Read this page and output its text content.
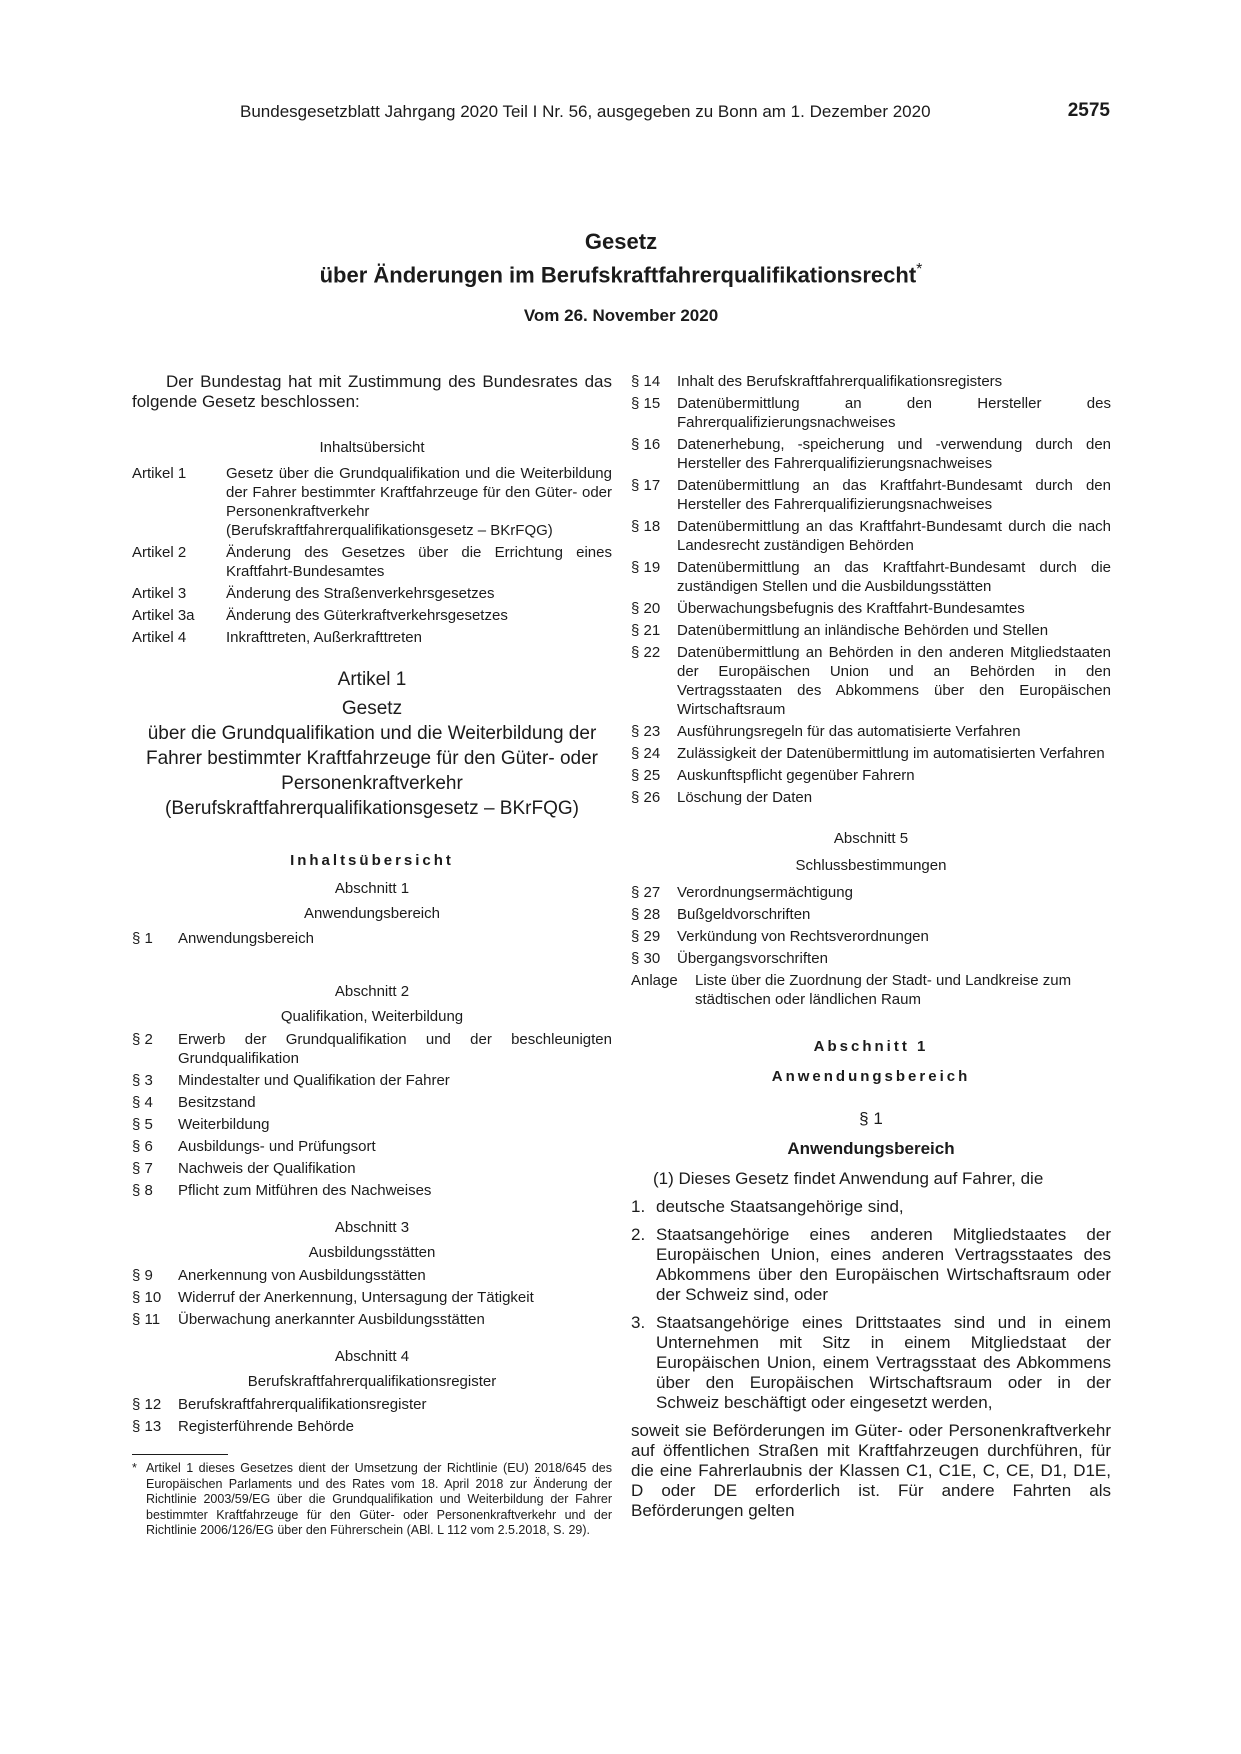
Bundesgesetzblatt Jahrgang 2020 Teil I Nr. 56, ausgegeben zu Bonn am 1. Dezember 2020	2575
Gesetz
über Änderungen im Berufskraftfahrerqualifikationsrecht*
Vom 26. November 2020

Der Bundestag hat mit Zustimmung des Bundesrates das folgende Gesetz beschlossen:

Inhaltsübersicht
Artikel 1	Gesetz über die Grundqualifikation und die Weiterbildung der Fahrer bestimmter Kraftfahrzeuge für den Güter- oder Personenkraftverkehr (Berufskraftfahrerqualifikationsgesetz – BKrFQG)
Artikel 2	Änderung des Gesetzes über die Errichtung eines Kraftfahrt-Bundesamtes
Artikel 3	Änderung des Straßenverkehrsgesetzes
Artikel 3a	Änderung des Güterkraftverkehrsgesetzes
Artikel 4	Inkrafttreten, Außerkrafttreten
Artikel 1
Gesetz
über die Grundqualifikation und die Weiterbildung der Fahrer bestimmter Kraftfahrzeuge für den Güter- oder Personenkraftverkehr (Berufskraftfahrerqualifikationsgesetz – BKrFQG)
Inhaltsübersicht
Abschnitt 1
Anwendungsbereich
§ 1	Anwendungsbereich
Abschnitt 2
Qualifikation, Weiterbildung
§ 2	Erwerb der Grundqualifikation und der beschleunigten Grundqualifikation
§ 3	Mindestalter und Qualifikation der Fahrer
§ 4	Besitzstand
§ 5	Weiterbildung
§ 6	Ausbildungs- und Prüfungsort
§ 7	Nachweis der Qualifikation
§ 8	Pflicht zum Mitführen des Nachweises
Abschnitt 3
Ausbildungsstätten
§ 9	Anerkennung von Ausbildungsstätten
§ 10	Widerruf der Anerkennung, Untersagung der Tätigkeit
§ 11	Überwachung anerkannter Ausbildungsstätten
Abschnitt 4
Berufskraftfahrerqualifikationsregister
§ 12	Berufskraftfahrerqualifikationsregister
§ 13	Registerführende Behörde
* Artikel 1 dieses Gesetzes dient der Umsetzung der Richtlinie (EU) 2018/645 des Europäischen Parlaments und des Rates vom 18. April 2018 zur Änderung der Richtlinie 2003/59/EG über die Grundqualifikation und Weiterbildung der Fahrer bestimmter Kraftfahrzeuge für den Güter- oder Personenkraftverkehr und der Richtlinie 2006/126/EG über den Führerschein (ABl. L 112 vom 2.5.2018, S. 29).
§ 14	Inhalt des Berufskraftfahrerqualifikationsregisters
§ 15	Datenübermittlung an den Hersteller des Fahrerqualifizierungsnachweises
§ 16	Datenerhebung, -speicherung und -verwendung durch den Hersteller des Fahrerqualifizierungsnachweises
§ 17	Datenübermittlung an das Kraftfahrt-Bundesamt durch den Hersteller des Fahrerqualifizierungsnachweises
§ 18	Datenübermittlung an das Kraftfahrt-Bundesamt durch die nach Landesrecht zuständigen Behörden
§ 19	Datenübermittlung an das Kraftfahrt-Bundesamt durch die zuständigen Stellen und die Ausbildungsstätten
§ 20	Überwachungsbefugnis des Kraftfahrt-Bundesamtes
§ 21	Datenübermittlung an inländische Behörden und Stellen
§ 22	Datenübermittlung an Behörden in den anderen Mitgliedstaaten der Europäischen Union und an Behörden in den Vertragsstaaten des Abkommens über den Europäischen Wirtschaftsraum
§ 23	Ausführungsregeln für das automatisierte Verfahren
§ 24	Zulässigkeit der Datenübermittlung im automatisierten Verfahren
§ 25	Auskunftspflicht gegenüber Fahrern
§ 26	Löschung der Daten
Abschnitt 5
Schlussbestimmungen
§ 27	Verordnungsermächtigung
§ 28	Bußgeldvorschriften
§ 29	Verkündung von Rechtsverordnungen
§ 30	Übergangsvorschriften
Anlage	Liste über die Zuordnung der Stadt- und Landkreise zum städtischen oder ländlichen Raum
Abschnitt 1
Anwendungsbereich
§ 1
Anwendungsbereich

(1) Dieses Gesetz findet Anwendung auf Fahrer, die

1. deutsche Staatsangehörige sind,
2. Staatsangehörige eines anderen Mitgliedstaates der Europäischen Union, eines anderen Vertragsstaates des Abkommens über den Europäischen Wirtschaftsraum oder der Schweiz sind, oder
3. Staatsangehörige eines Drittstaates sind und in einem Unternehmen mit Sitz in einem Mitgliedstaat der Europäischen Union, einem Vertragsstaat des Abkommens über den Europäischen Wirtschaftsraum oder in der Schweiz beschäftigt oder eingesetzt werden,

soweit sie Beförderungen im Güter- oder Personenkraftverkehr auf öffentlichen Straßen mit Kraftfahrzeugen durchführen, für die eine Fahrerlaubnis der Klassen C1, C1E, C, CE, D1, D1E, D oder DE erforderlich ist. Für andere Fahrten als Beförderungen gelten
